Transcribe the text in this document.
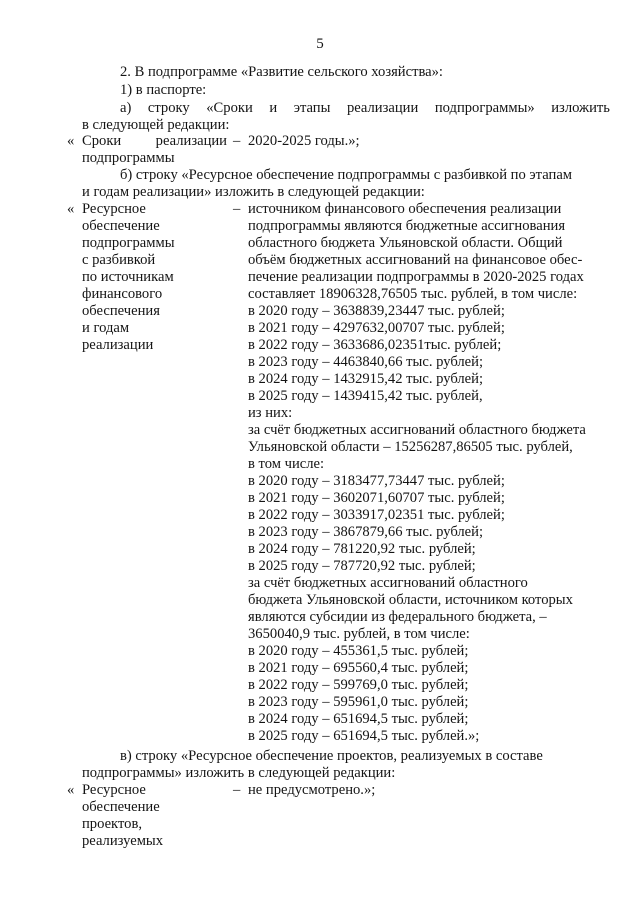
5
2. В подпрограмме «Развитие сельского хозяйства»:
1) в паспорте:
а) строку «Сроки и этапы реализации подпрограммы» изложить
в следующей редакции:
« Сроки реализации – 2020-2025 годы.»;
подпрограммы
б) строку «Ресурсное обеспечение подпрограммы с разбивкой по этапам
и годам реализации» изложить в следующей редакции:
« Ресурсное
обеспечение
подпрограммы
с разбивкой
по источникам
финансового
обеспечения
и годам
реализации
– источником финансового обеспечения реализации
подпрограммы являются бюджетные ассигнования
областного бюджета Ульяновской области. Общий
объём бюджетных ассигнований на финансовое обес-
печение реализации подпрограммы в 2020-2025 годах
составляет 18906328,76505 тыс. рублей, в том числе:
в 2020 году – 3638839,23447 тыс. рублей;
в 2021 году – 4297632,00707 тыс. рублей;
в 2022 году – 3633686,02351тыс. рублей;
в 2023 году – 4463840,66 тыс. рублей;
в 2024 году – 1432915,42 тыс. рублей;
в 2025 году – 1439415,42 тыс. рублей,
из них:
за счёт бюджетных ассигнований областного бюджета
Ульяновской области – 15256287,86505 тыс. рублей,
в том числе:
в 2020 году – 3183477,73447 тыс. рублей;
в 2021 году – 3602071,60707 тыс. рублей;
в 2022 году – 3033917,02351 тыс. рублей;
в 2023 году – 3867879,66 тыс. рублей;
в 2024 году – 781220,92 тыс. рублей;
в 2025 году – 787720,92 тыс. рублей;
за счёт бюджетных ассигнований областного
бюджета Ульяновской области, источником которых
являются субсидии из федерального бюджета, –
3650040,9 тыс. рублей, в том числе:
в 2020 году – 455361,5 тыс. рублей;
в 2021 году – 695560,4 тыс. рублей;
в 2022 году – 599769,0 тыс. рублей;
в 2023 году – 595961,0 тыс. рублей;
в 2024 году – 651694,5 тыс. рублей;
в 2025 году – 651694,5 тыс. рублей.»;
в) строку «Ресурсное обеспечение проектов, реализуемых в составе
подпрограммы» изложить в следующей редакции:
« Ресурсное
обеспечение
проектов,
реализуемых
– не предусмотрено.»;
